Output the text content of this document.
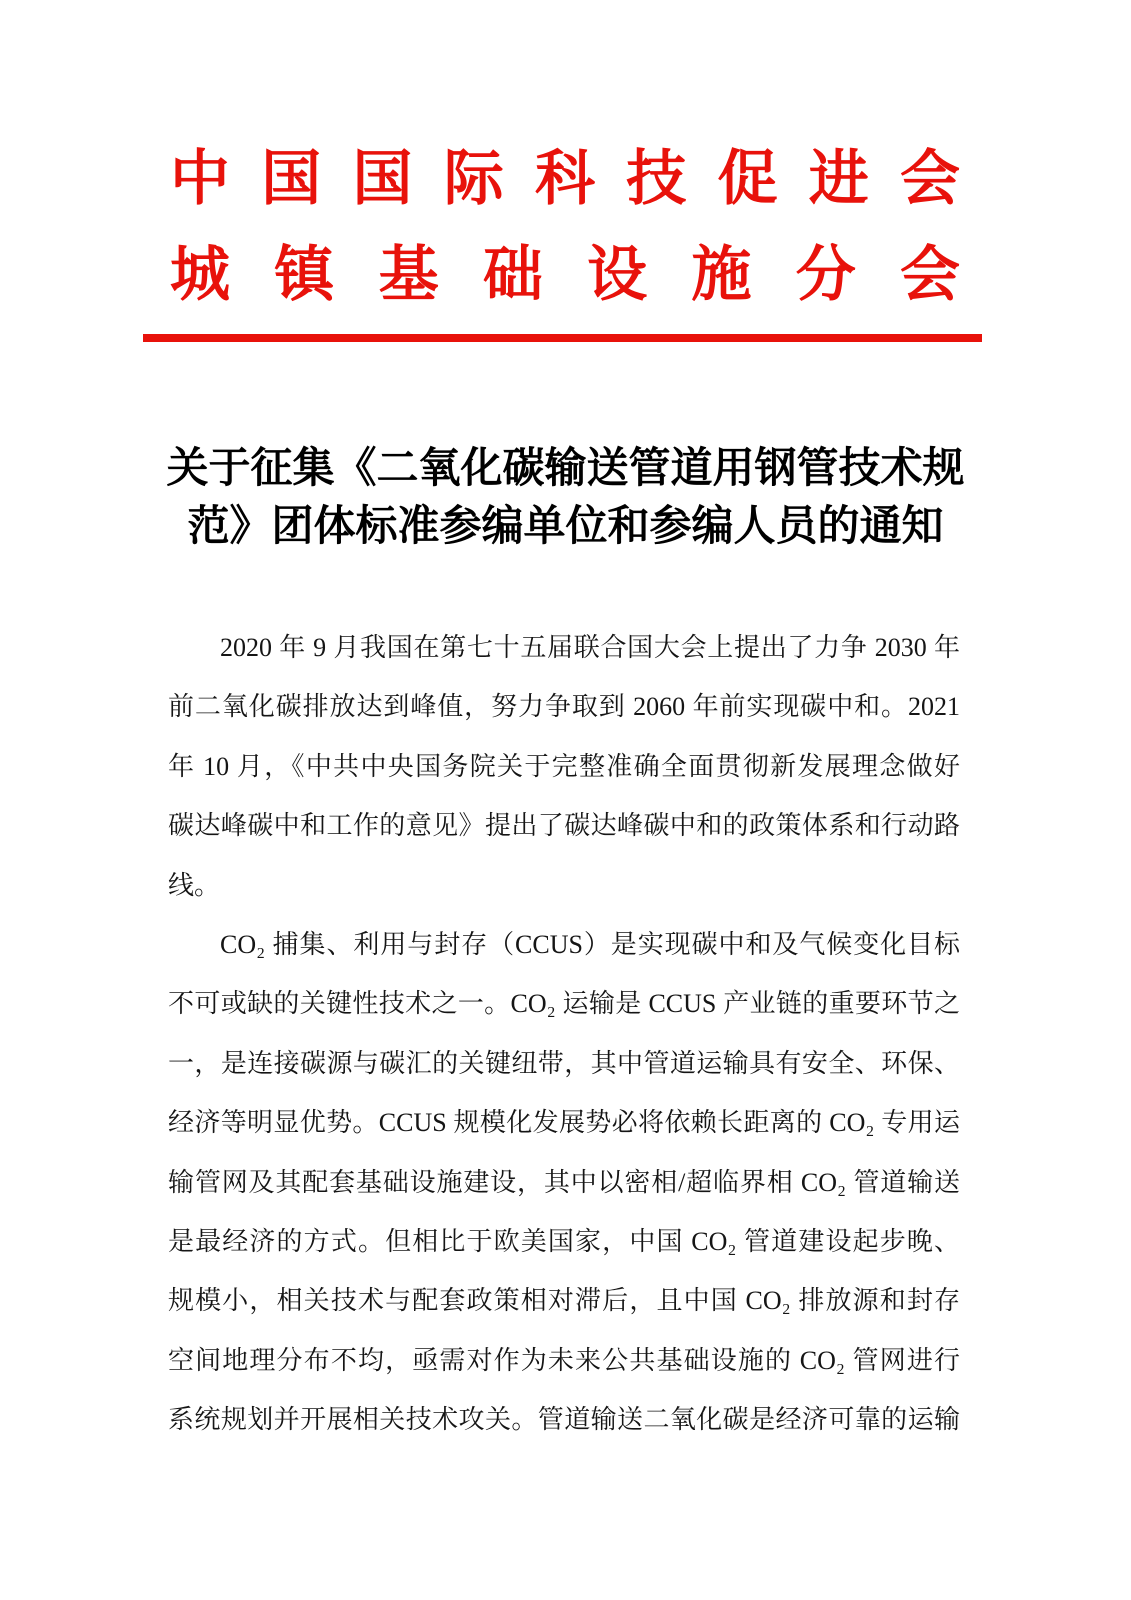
中国国际科技促进会
城镇基础设施分会
关于征集《二氧化碳输送管道用钢管技术规
范》团体标准参编单位和参编人员的通知
2020 年 9 月我国在第七十五届联合国大会上提出了力争 2030 年
前二氧化碳排放达到峰值，努力争取到 2060 年前实现碳中和。2021
年 10 月，《中共中央国务院关于完整准确全面贯彻新发展理念做好
碳达峰碳中和工作的意见》提出了碳达峰碳中和的政策体系和行动路
线。
CO₂ 捕集、利用与封存（CCUS）是实现碳中和及气候变化目标
不可或缺的关键性技术之一。CO₂ 运输是 CCUS 产业链的重要环节之
一，是连接碳源与碳汇的关键纽带，其中管道运输具有安全、环保、
经济等明显优势。CCUS 规模化发展势必将依赖长距离的 CO₂ 专用运
输管网及其配套基础设施建设，其中以密相/超临界相 CO₂ 管道输送
是最经济的方式。但相比于欧美国家，中国 CO₂ 管道建设起步晚、
规模小，相关技术与配套政策相对滞后，且中国 CO₂ 排放源和封存
空间地理分布不均，亟需对作为未来公共基础设施的 CO₂ 管网进行
系统规划并开展相关技术攻关。管道输送二氧化碳是经济可靠的运输
